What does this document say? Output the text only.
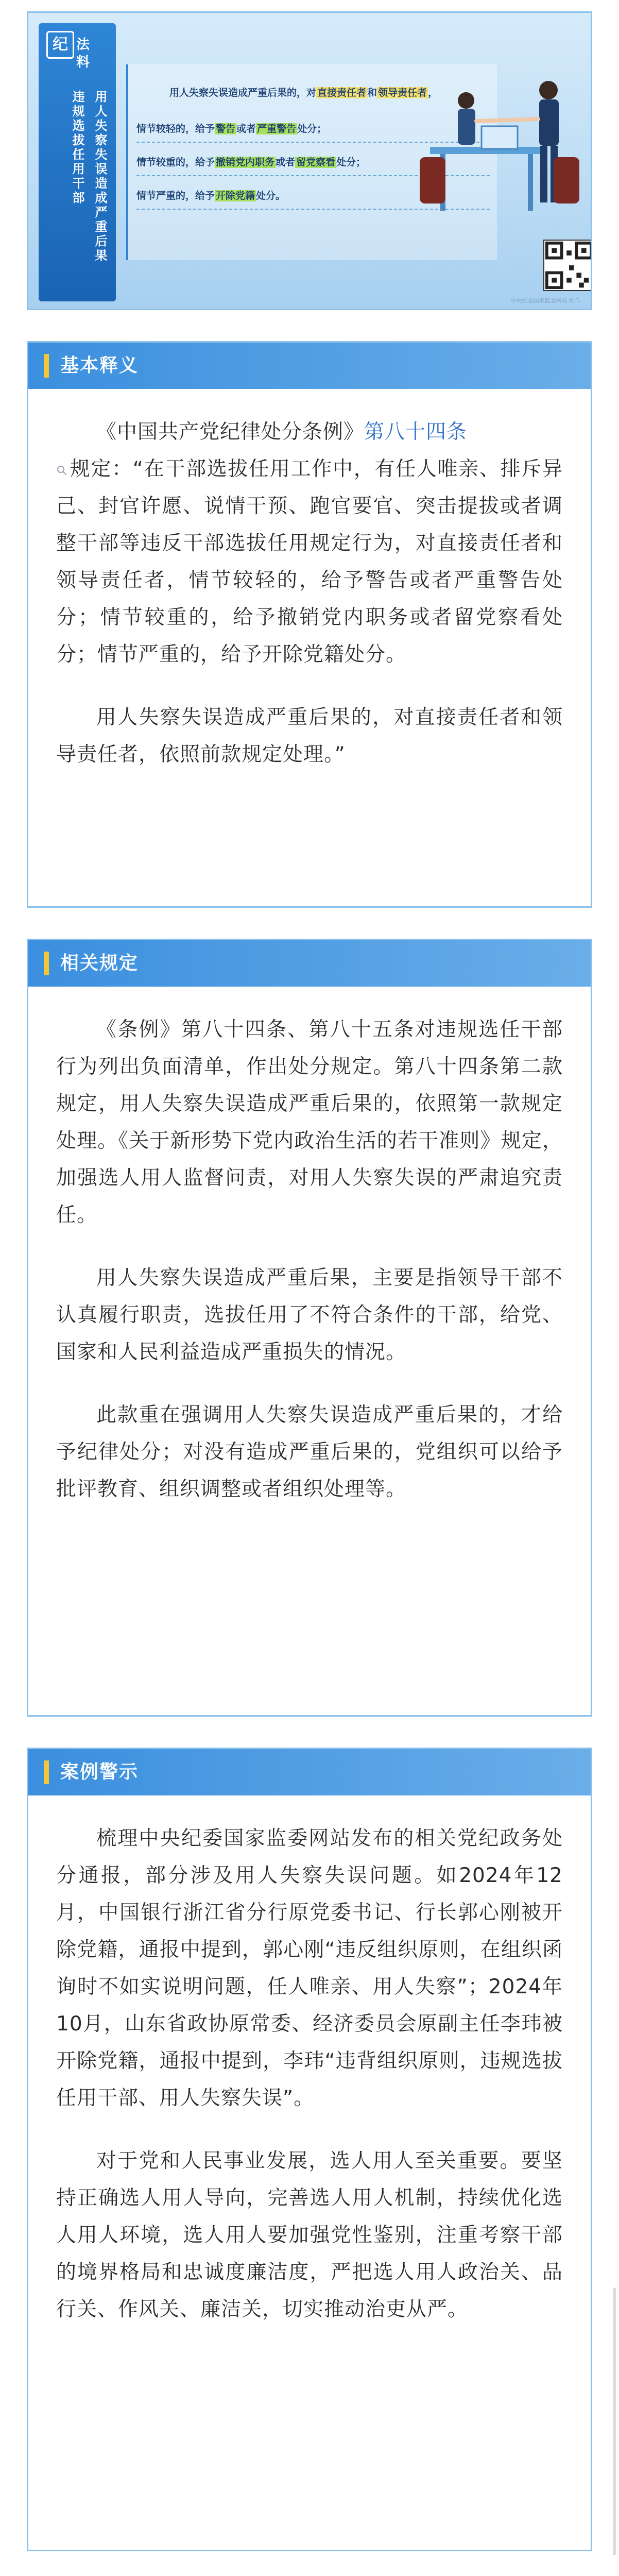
纪 法
料
违规选拔任用干部 用人失察失误造成严重后果	用人失察失误造成严重后果的，对 直接责任者 和 领导责任者 ，
情节较轻的，给予 警告 或者 严重警告 处分；
情节较重的，给予 撤销党内职务 或者 留党察看 处分；
情节严重的，给予 开除党籍 处分。
中央纪委国家监委网站 制作
基本释义

《中国共产党纪律处分条例》第八十四条
规定：“在干部选拔任用工作中，有任人唯亲、排斥异己、封官许愿、说情干预、跑官要官、突击提拔或者调整干部等违反干部选拔任用规定行为，对直接责任者和领导责任者，情节较轻的，给予警告或者严重警告处分；情节较重的，给予撤销党内职务或者留党察看处分；情节严重的，给予开除党籍处分。

用人失察失误造成严重后果的，对直接责任者和领导责任者，依照前款规定处理。”

相关规定

《条例》第八十四条、第八十五条对违规选任干部行为列出负面清单，作出处分规定。第八十四条第二款规定，用人失察失误造成严重后果的，依照第一款规定处理。《关于新形势下党内政治生活的若干准则》规定，加强选人用人监督问责，对用人失察失误的严肃追究责任。

用人失察失误造成严重后果，主要是指领导干部不认真履行职责，选拔任用了不符合条件的干部，给党、国家和人民利益造成严重损失的情况。

此款重在强调用人失察失误造成严重后果的，才给予纪律处分；对没有造成严重后果的，党组织可以给予批评教育、组织调整或者组织处理等。

案例警示

梳理中央纪委国家监委网站发布的相关党纪政务处分通报，部分涉及用人失察失误问题。如2024年12月，中国银行浙江省分行原党委书记、行长郭心刚被开除党籍，通报中提到，郭心刚“违反组织原则，在组织函询时不如实说明问题，任人唯亲、用人失察”；2024年10月，山东省政协原常委、经济委员会原副主任李玮被开除党籍，通报中提到，李玮“违背组织原则，违规选拔任用干部、用人失察失误”。

对于党和人民事业发展，选人用人至关重要。要坚持正确选人用人导向，完善选人用人机制，持续优化选人用人环境，选人用人要加强党性鉴别，注重考察干部的境界格局和忠诚度廉洁度，严把选人用人政治关、品行关、作风关、廉洁关，切实推动治吏从严。
